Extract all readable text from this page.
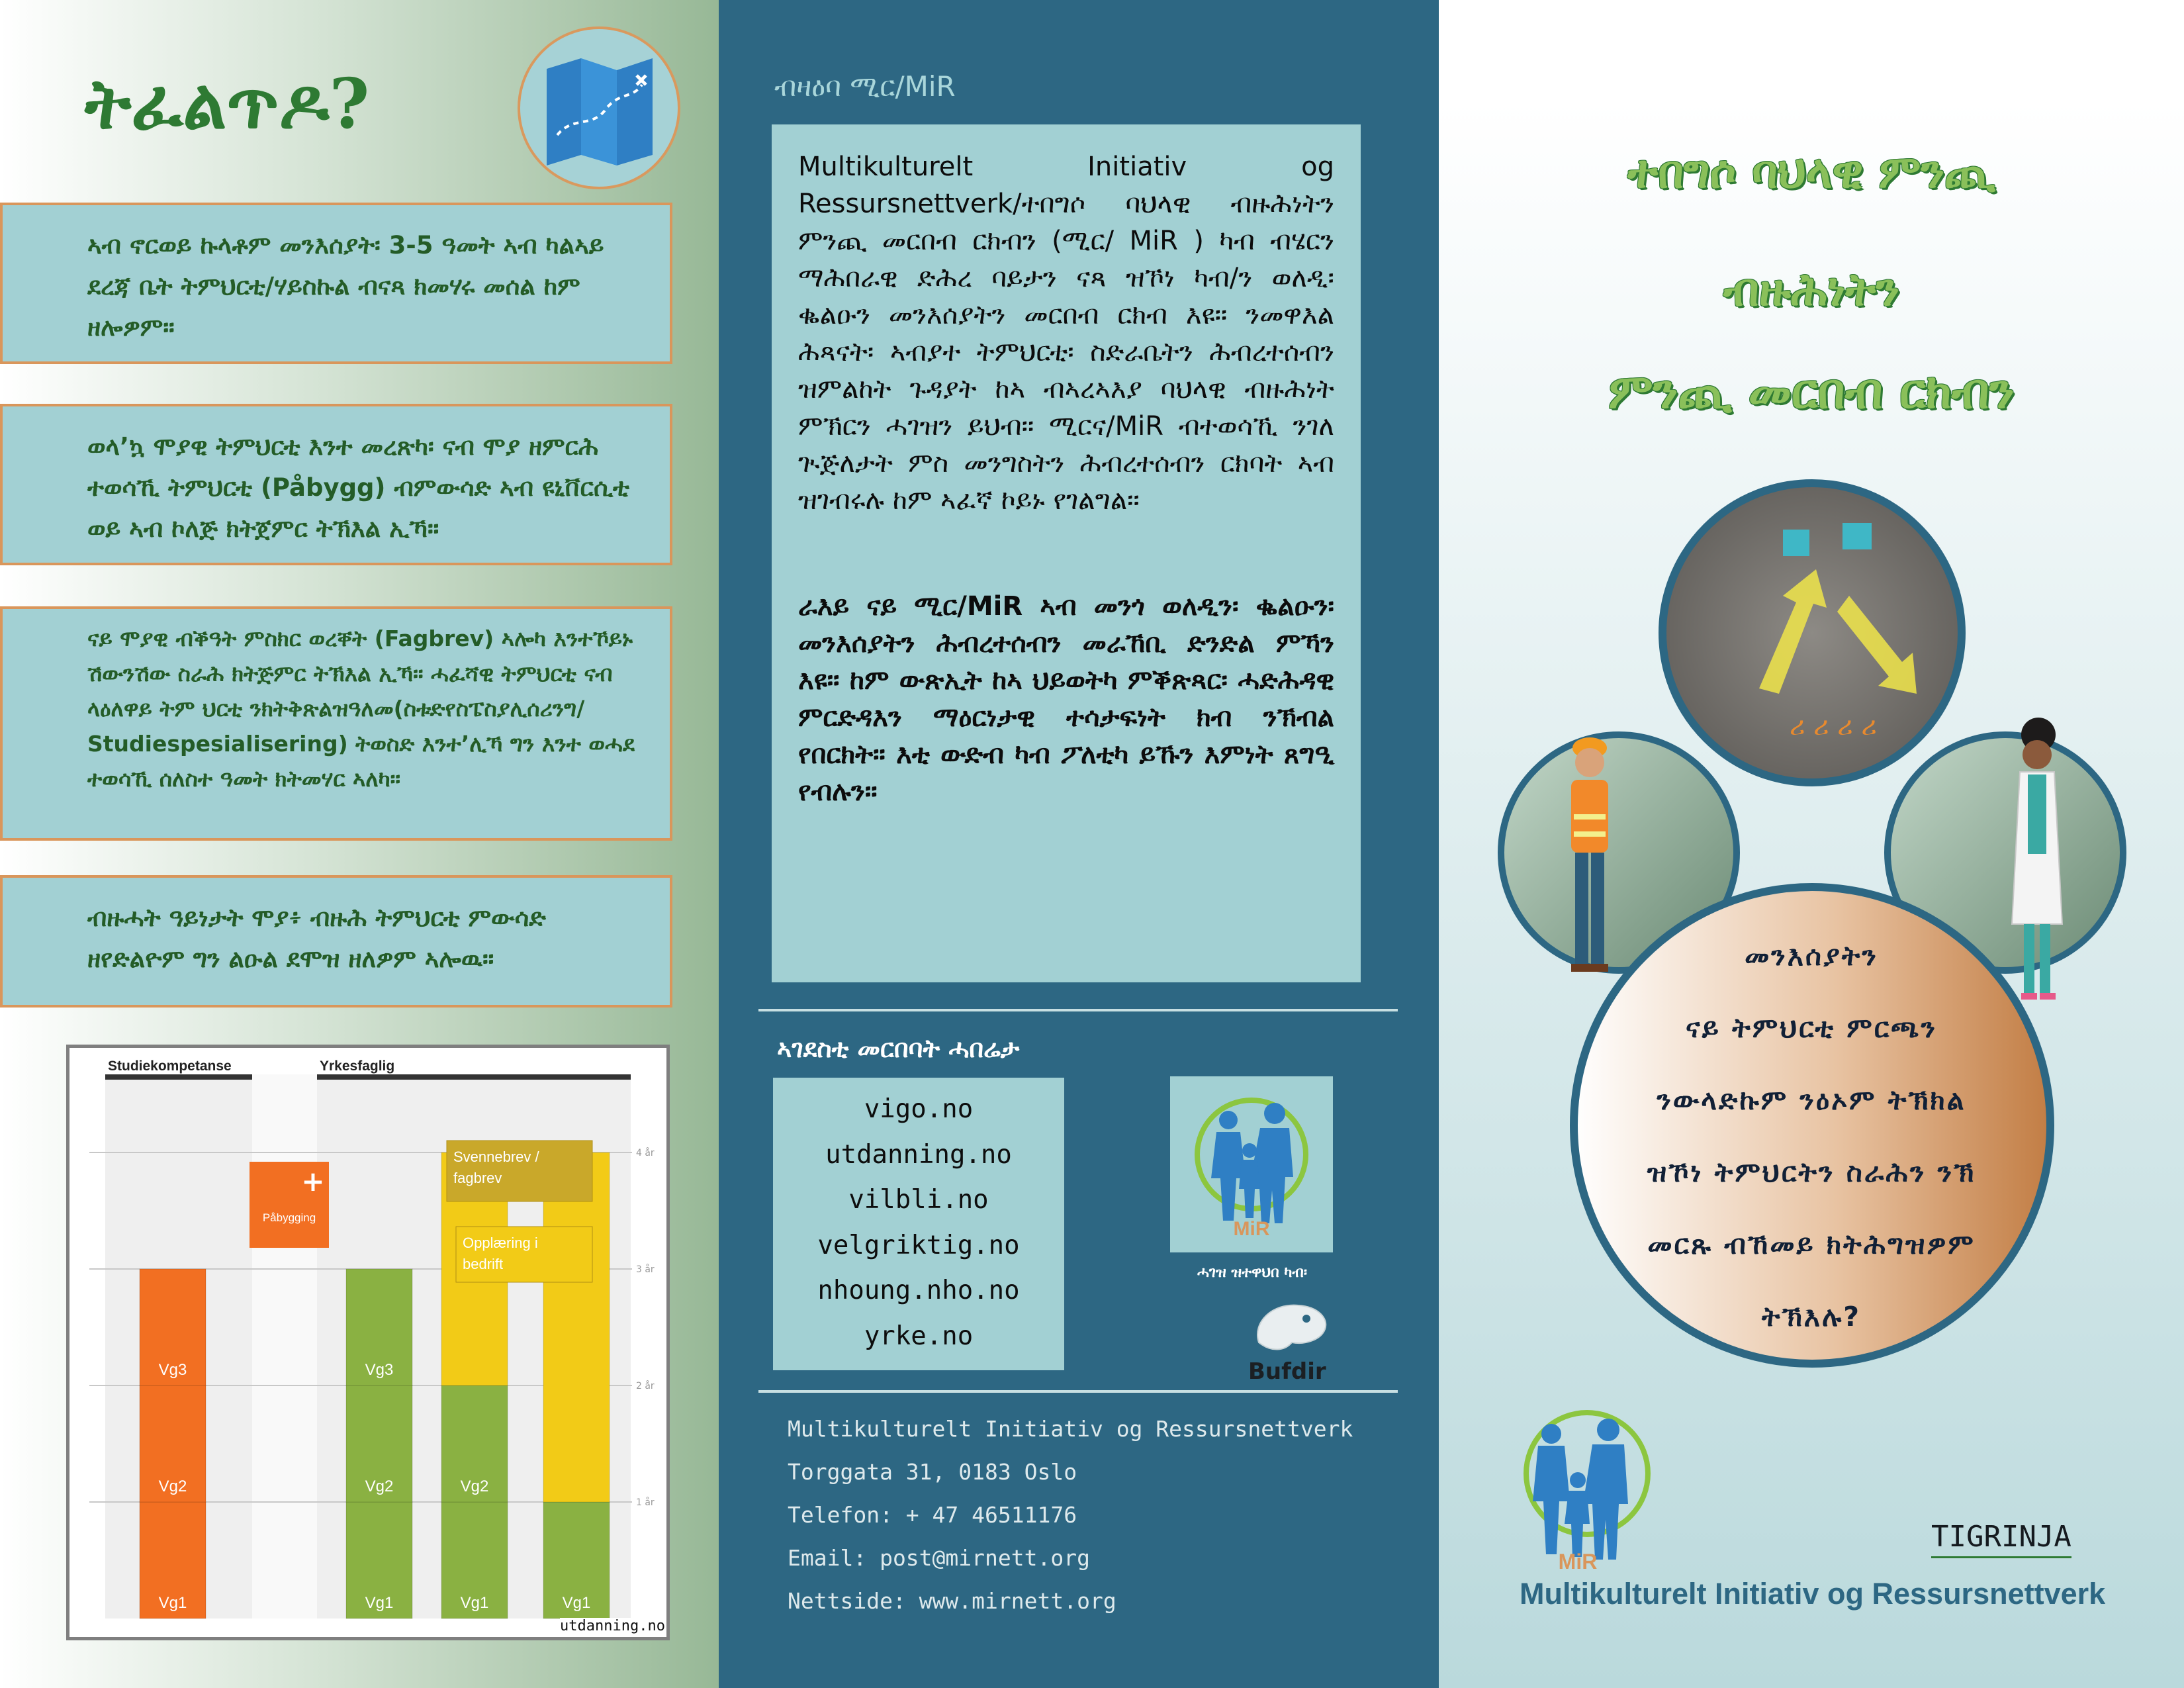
ትፈልጥዶ?
ኣብ ኖርወይ ኩላቶም መንእሰያት፡ 3-5 ዓመት ኣብ ካልኣይ ደረጃ ቤት ትምህርቲ/ሃይስኩል ብናጻ ክመሃሩ መሰል ከም ዘሎዎም።
ወላ’ኳ ሞያዊ ትምህርቲ እንተ መረጽካ፡ ናብ ሞያ ዘምርሕ ተወሳኺ ትምህርቲ (Påbygg) ብምውሳድ ኣብ ዩኒቨርሲቲ ወይ ኣብ ኮለጅ ክትጀምር ትኽእል ኢኻ።
ናይ ሞያዊ ብቕዓት ምስክር ወረቐት (Fagbrev) ኣሎካ እንተኾይኑ ሽውንሽው ስራሕ ክትጅምር ትኽእል ኢኻ። ሓፈሻዊ ትምህርቲ ናብ ላዕለዋይ ትም ህርቲ ንክትቅጽልዝዓለመ(ስቱድየስፔስያሊሰሪንግ/ Studiespesialisering) ትወስድ እንተ’ሊኻ ግን እንተ ወሓደ ተወሳኺ ሰለስተ ዓመት ክትመሃር ኣለካ።
ብዙሓት ዓይነታት ሞያ፥ ብዙሕ ትምህርቲ ምውሳድ ዘየድልዮም ግን ልዑል ደሞዝ ዘለዎም ኣሎዉ።
1 år
2 år
3 år
4 år
Studiekompetanse	Yrkesfaglig
Vg1
Vg2
Vg3
+
Påbygging
Vg1
Vg2
Vg3
Vg1
Vg2
Vg1
Svennebrev /
fagbrev
Opplæring i
bedrift
utdanning.no
ብዛዕባ ሚር/MiR

Multikulturelt Initiativ og Ressursnettverk/ተበግሶ ባህላዊ ብዙሕነትን ምንጪ መርበብ ርክብን (ሚር/ MiR ) ካብ ብሄርን ማሕበራዊ ድሕረ ባይታን ናጻ ዝኾነ ካብ/ን ወለዲ፡ ቈልዑን መንእሰያትን መርበብ ርክብ እዩ። ንመዋእል ሕጻናት፡ ኣብያተ ትምህርቲ፡ ስድራቤትን ሕብረተሰብን ዝምልከት ጉዳያት ከኣ ብኣረኣእያ ባህላዊ ብዙሕነት ምኽርን ሓገዝን ይህብ። ሚርና/MiR ብተወሳኺ ንገለ ጒጅለታት ምስ መንግስትን ሕብረተሰብን ርክባት ኣብ ዝገብሩሉ ከም ኣፈኛ ኮይኑ የገልግል።

ራእይ ናይ ሚር/MiR ኣብ መንጎ ወለዲን፡ ቈልዑን፡ መንእሰያትን ሕብረተሰብን መራኸቢ ድንድል ምኻን እዩ። ከም ውጽኢት ከኣ ህይወትካ ምቕጽጻር፡ ሓድሕዳዊ ምርድዳእን ማዕርነታዊ ተሳታፍነት ክብ ንኽብል የበርክት። እቲ ውድብ ካብ ፖለቲካ ይኹን እምነት ጸግዒ የብሉን።

ኣገደስቲ መርበባት ሓበሬታ
vigo.no
utdanning.no
vilbli.no
velgriktig.no
nhoung.nho.no
yrke.no
MiR
ሓገዝ ዝተዋህበ ካብ፡
Bufdir
Multikulturelt Initiativ og Ressursnettverk
Torggata 31, 0183 Oslo
Telefon: + 47 46511176
Email: post@mirnett.org
Nettside: www.mirnett.org
ተበግሶ ባህላዊ ምንጪ
ብዙሕነትን
ምንጪ መርበብ ርክብን
ሪ ሪ ሪ ሪ
መንእሰያትን
ናይ ትምህርቲ ምርጫን
ንውላድኩም ንዕኦም ትኽክል
ዝኾነ ትምህርትን ስራሕን ንኽ
መርጹ ብኸመይ ክትሕግዝዎም
ትኽእሉ?
TIGRINJA
MiR
Multikulturelt Initiativ og Ressursnettverk
